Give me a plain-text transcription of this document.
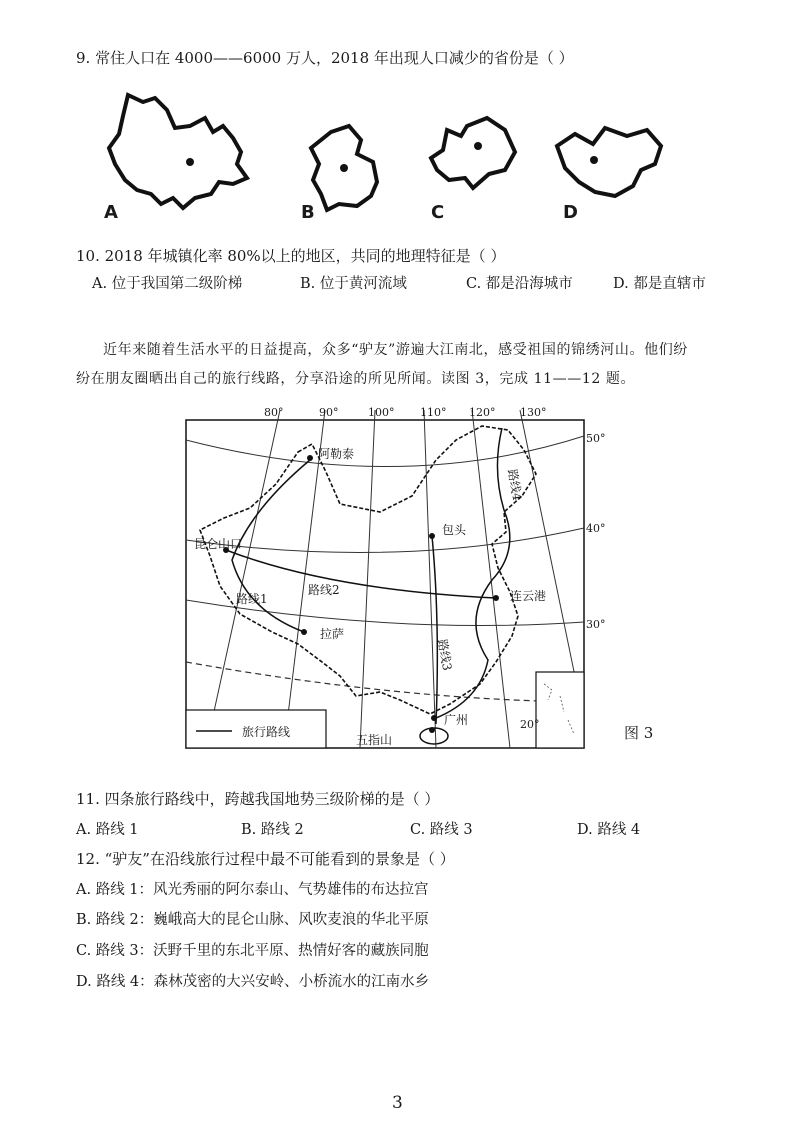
9. 常住人口在 4000——6000 万人，2018 年出现人口减少的省份是（ ）
A	B	C	D
10. 2018 年城镇化率 80%以上的地区，共同的地理特征是（ ）
A. 位于我国第二级阶梯	B. 位于黄河流域	C. 都是沿海城市	D. 都是直辖市
近年来随着生活水平的日益提高，众多“驴友”游遍大江南北，感受祖国的锦绣河山。他们纷
纷在朋友圈晒出自己的旅行线路，分享沿途的所见所闻。读图 3，完成 11——12 题。
80°	90°	100° 110° 120° 130°
50°
40°
30°
20°
阿勒泰
包头
连云港
拉萨
广州
五指山
昆仑山口
路线1
路线2
路线3
路线4
旅行路线	图 3
11. 四条旅行路线中，跨越我国地势三级阶梯的是（ ）
A. 路线 1	B. 路线 2	C. 路线 3	D. 路线 4
12. “驴友”在沿线旅行过程中最不可能看到的景象是（ ）
A. 路线 1：风光秀丽的阿尔泰山、气势雄伟的布达拉宫
B. 路线 2：巍峨高大的昆仑山脉、风吹麦浪的华北平原
C. 路线 3：沃野千里的东北平原、热情好客的藏族同胞
D. 路线 4：森林茂密的大兴安岭、小桥流水的江南水乡
3
